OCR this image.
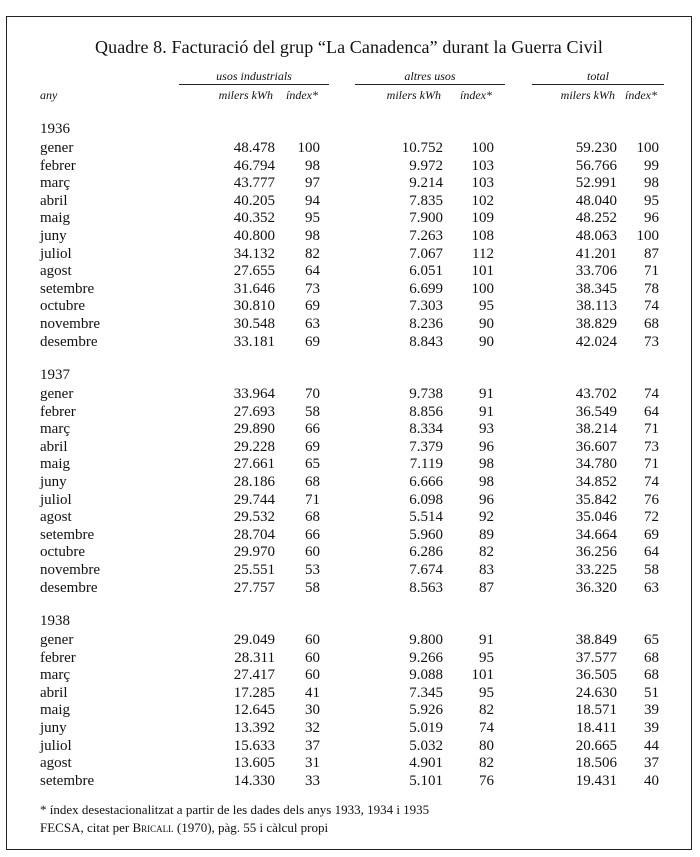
Quadre 8. Facturació del grup “La Canadenca” durant la Guerra Civil
usos industrials	altres usos	total
any	milers kWh índex*	milers kWh índex*	milers kWh índex*
1936
gener	48.478 100	10.752 100	59.230 100
febrer	46.794 98	9.972 103	56.766 99
març	43.777 97	9.214 103	52.991 98
abril	40.205 94	7.835 102	48.040 95
maig	40.352 95	7.900 109	48.252 96
juny	40.800 98	7.263 108	48.063 100
juliol	34.132 82	7.067 112	41.201 87
agost	27.655 64	6.051 101	33.706 71
setembre	31.646 73	6.699 100	38.345 78
octubre	30.810 69	7.303 95	38.113 74
novembre	30.548 63	8.236 90	38.829 68
desembre	33.181 69	8.843 90	42.024 73
1937
gener	33.964 70	9.738 91	43.702 74
febrer	27.693 58	8.856 91	36.549 64
març	29.890 66	8.334 93	38.214 71
abril	29.228 69	7.379 96	36.607 73
maig	27.661 65	7.119 98	34.780 71
juny	28.186 68	6.666 98	34.852 74
juliol	29.744 71	6.098 96	35.842 76
agost	29.532 68	5.514 92	35.046 72
setembre	28.704 66	5.960 89	34.664 69
octubre	29.970 60	6.286 82	36.256 64
novembre	25.551 53	7.674 83	33.225 58
desembre	27.757 58	8.563 87	36.320 63
1938
gener	29.049 60	9.800 91	38.849 65
febrer	28.311 60	9.266 95	37.577 68
març	27.417 60	9.088 101	36.505 68
abril	17.285 41	7.345 95	24.630 51
maig	12.645 30	5.926 82	18.571 39
juny	13.392 32	5.019 74	18.411 39
juliol	15.633 37	5.032 80	20.665 44
agost	13.605 31	4.901 82	18.506 37
setembre	14.330 33	5.101 76	19.431 40
* índex desestacionalitzat a partir de les dades dels anys 1933, 1934 i 1935
FECSA, citat per Bricall (1970), pàg. 55 i càlcul propi
